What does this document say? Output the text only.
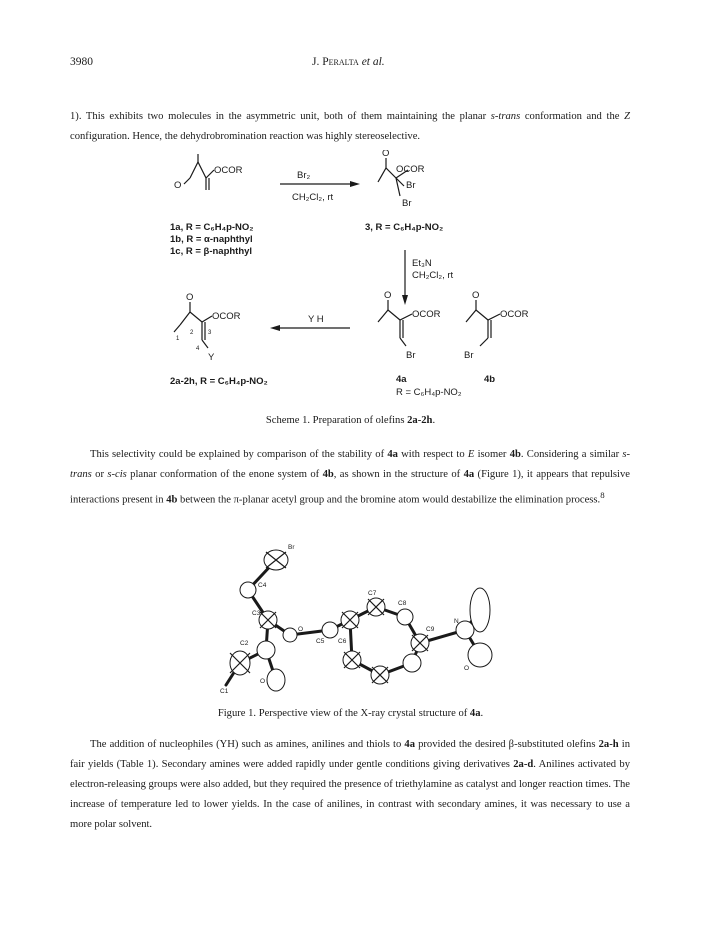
3980	J. Peralta et al.
1). This exhibits two molecules in the asymmetric unit, both of them maintaining the planar s-trans conformation and the Z configuration. Hence, the dehydrobromination reaction was highly stereoselective.
OCOR
O
Br₂
CH₂Cl₂, rt
O
OCOR
Br
Br
1a, R = C₆H₄p-NO₂
1b, R = α-naphthyl
1c, R = β-naphthyl
3, R = C₆H₄p-NO₂
Et₃N
CH₂Cl₂, rt
O
OCOR	Y H
Y
1
2 3
4
O
OCOR
Br
O
OCOR
Br
2a-2h, R = C₆H₄p-NO₂	4a	4b
R = C₆H₄p-NO₂
Scheme 1. Preparation of olefins 2a-2h.
This selectivity could be explained by comparison of the stability of 4a with respect to E isomer 4b. Considering a similar s-trans or s-cis planar conformation of the enone system of 4b, as shown in the structure of 4a (Figure 1), it appears that repulsive interactions present in 4b between the π-planar acetyl group and the bromine atom would destabilize the elimination process.$^8$
Br
C4
C3
O
C2
C1
O
C5 C6
C7
C8
C9
N
O
Figure 1. Perspective view of the X-ray crystal structure of 4a.
The addition of nucleophiles (YH) such as amines, anilines and thiols to 4a provided the desired β-substituted olefins 2a-h in fair yields (Table 1). Secondary amines were added rapidly under gentle conditions giving derivatives 2a-d. Anilines activated by electron-releasing groups were also added, but they required the presence of triethylamine as catalyst and longer reaction times. The increase of temperature led to lower yields. In the case of anilines, in contrast with secondary amines, it was necessary to use a more polar solvent.
